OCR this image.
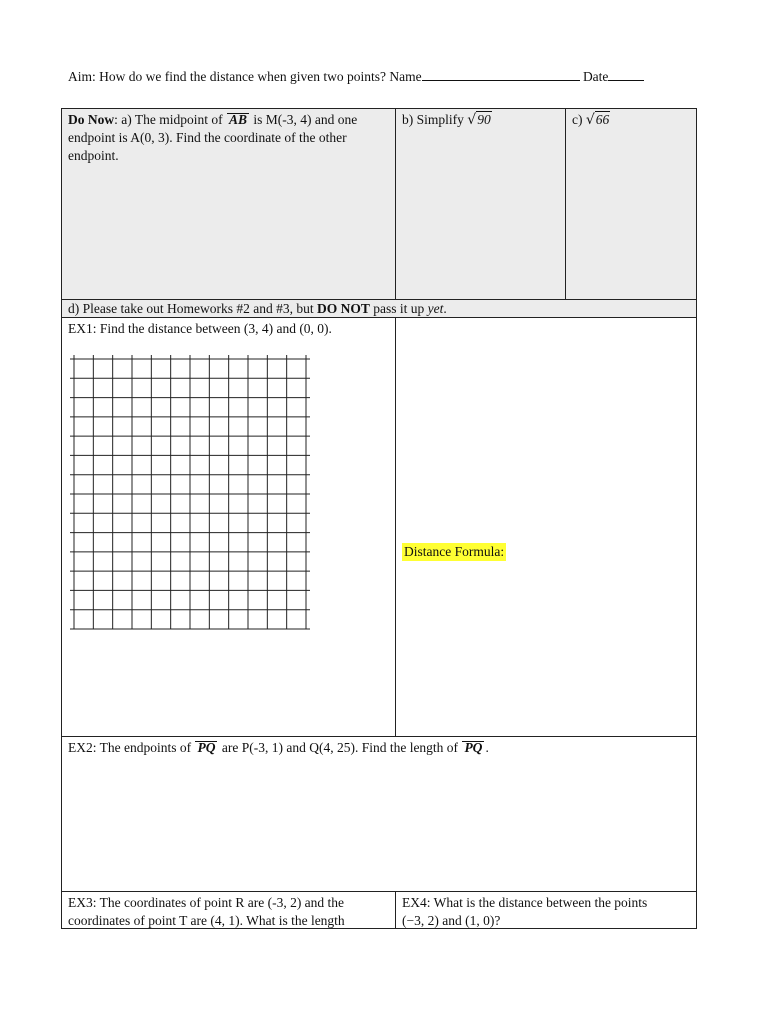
Aim: How do we find the distance when given two points? Name	Date
Do Now: a) The midpoint of AB is M(-3, 4) and one endpoint is A(0, 3). Find the coordinate of the other endpoint.
b) Simplify √90	c) √66
d) Please take out Homeworks #2 and #3, but DO NOT pass it up yet.
EX1: Find the distance between (3, 4) and (0, 0).
Distance Formula:
EX2: The endpoints of PQ are P(-3, 1) and Q(4, 25). Find the length of PQ .
EX3: The coordinates of point R are (-3, 2) and the coordinates of point T are (4, 1). What is the length
EX4: What is the distance between the points
(−3, 2) and (1, 0)?
